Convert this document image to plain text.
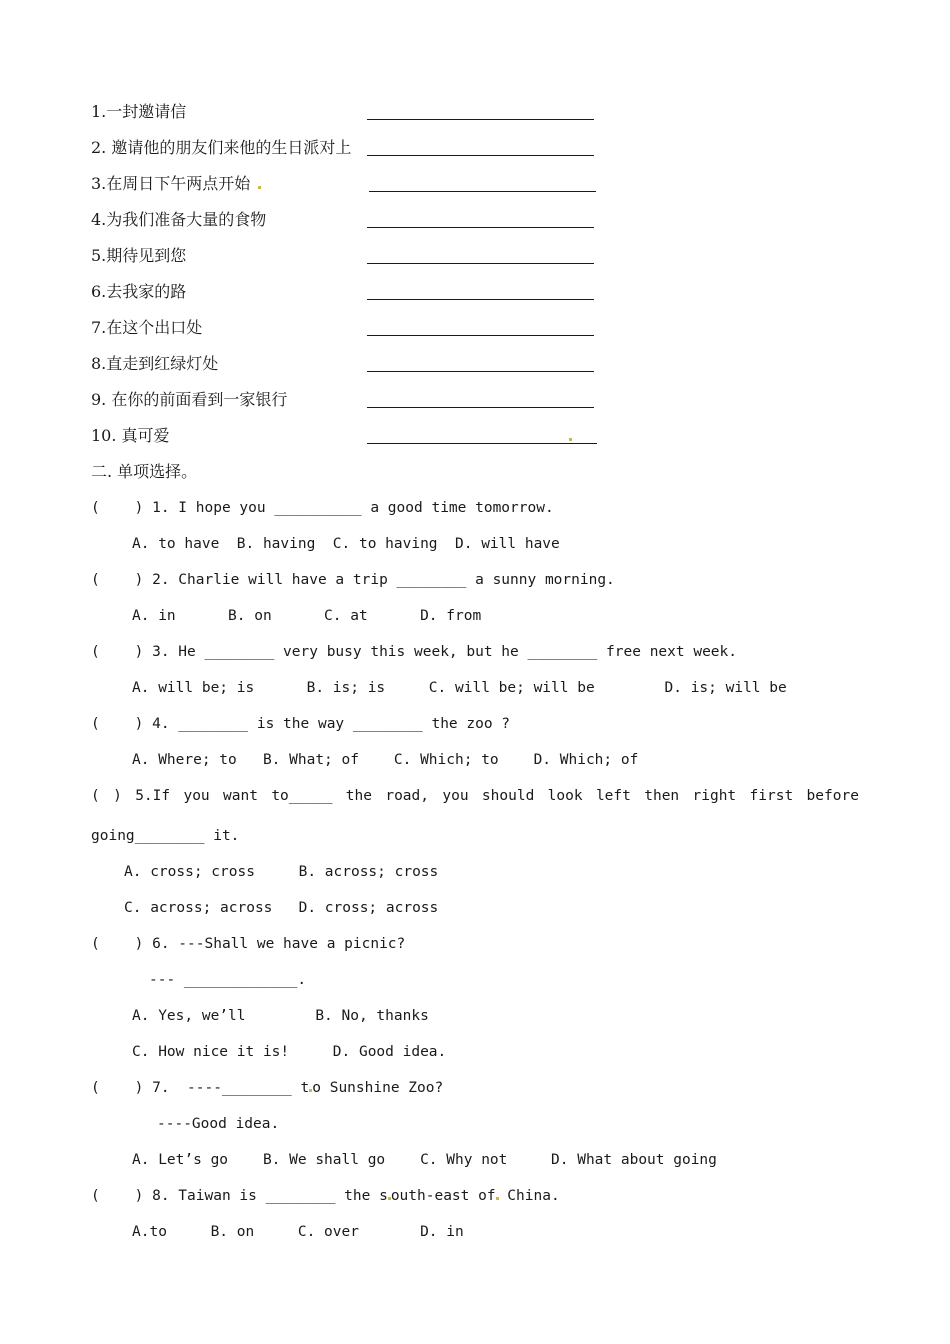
1.一封邀请信
2. 邀请他的朋友们来他的生日派对上
3.在周日下午两点开始
4.为我们准备大量的食物
5.期待见到您
6.去我家的路
7.在这个出口处
8.直走到红绿灯处
9. 在你的前面看到一家银行
10. 真可爱
二. 单项选择。
(    ) 1. I hope you __________ a good time tomorrow.
A. to have  B. having  C. to having  D. will have
(    ) 2. Charlie will have a trip ________ a sunny morning.
A. in      B. on      C. at      D. from
(    ) 3. He ________ very busy this week, but he ________ free next week.
A. will be; is      B. is; is     C. will be; will be        D. is; will be
(    ) 4. ________ is the way ________ the zoo ?
A. Where; to   B. What; of    C. Which; to    D. Which; of
( ) 5.If you want to_____ the road, you should look left then right first before
going________ it.
A. cross; cross     B. across; cross
C. across; across   D. cross; across
(    ) 6. ---Shall we have a picnic?
--- _____________.
A. Yes, we’ll        B. No, thanks
C. How nice it is!     D. Good idea.
(    ) 7.  ----________ t o Sunshine Zoo?
----Good idea.
A. Let’s go    B. We shall go    C. Why not     D. What about going
(    ) 8. Taiwan is ________ the s outh-east of China.
A.to     B. on     C. over       D. in
